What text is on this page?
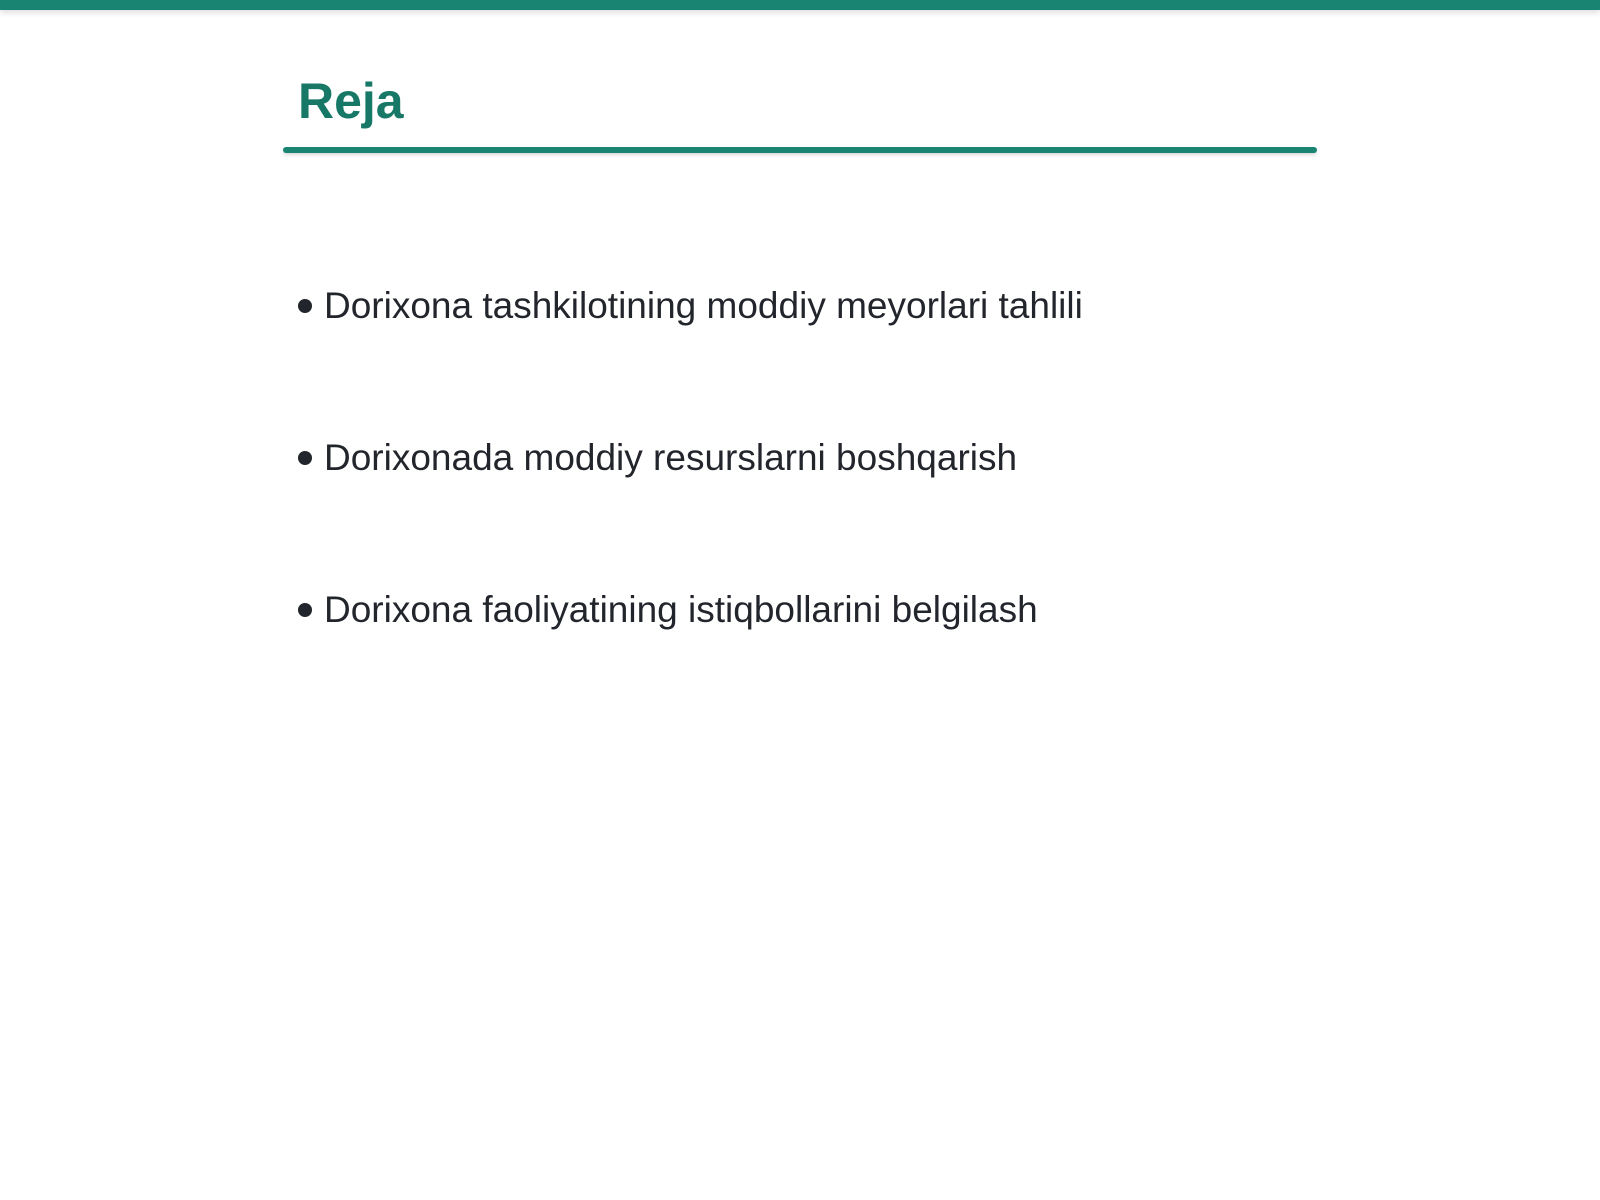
Reja
Dorixona tashkilotining moddiy meyorlari tahlili
Dorixonada moddiy resurslarni boshqarish
Dorixona faoliyatining istiqbollarini belgilash
